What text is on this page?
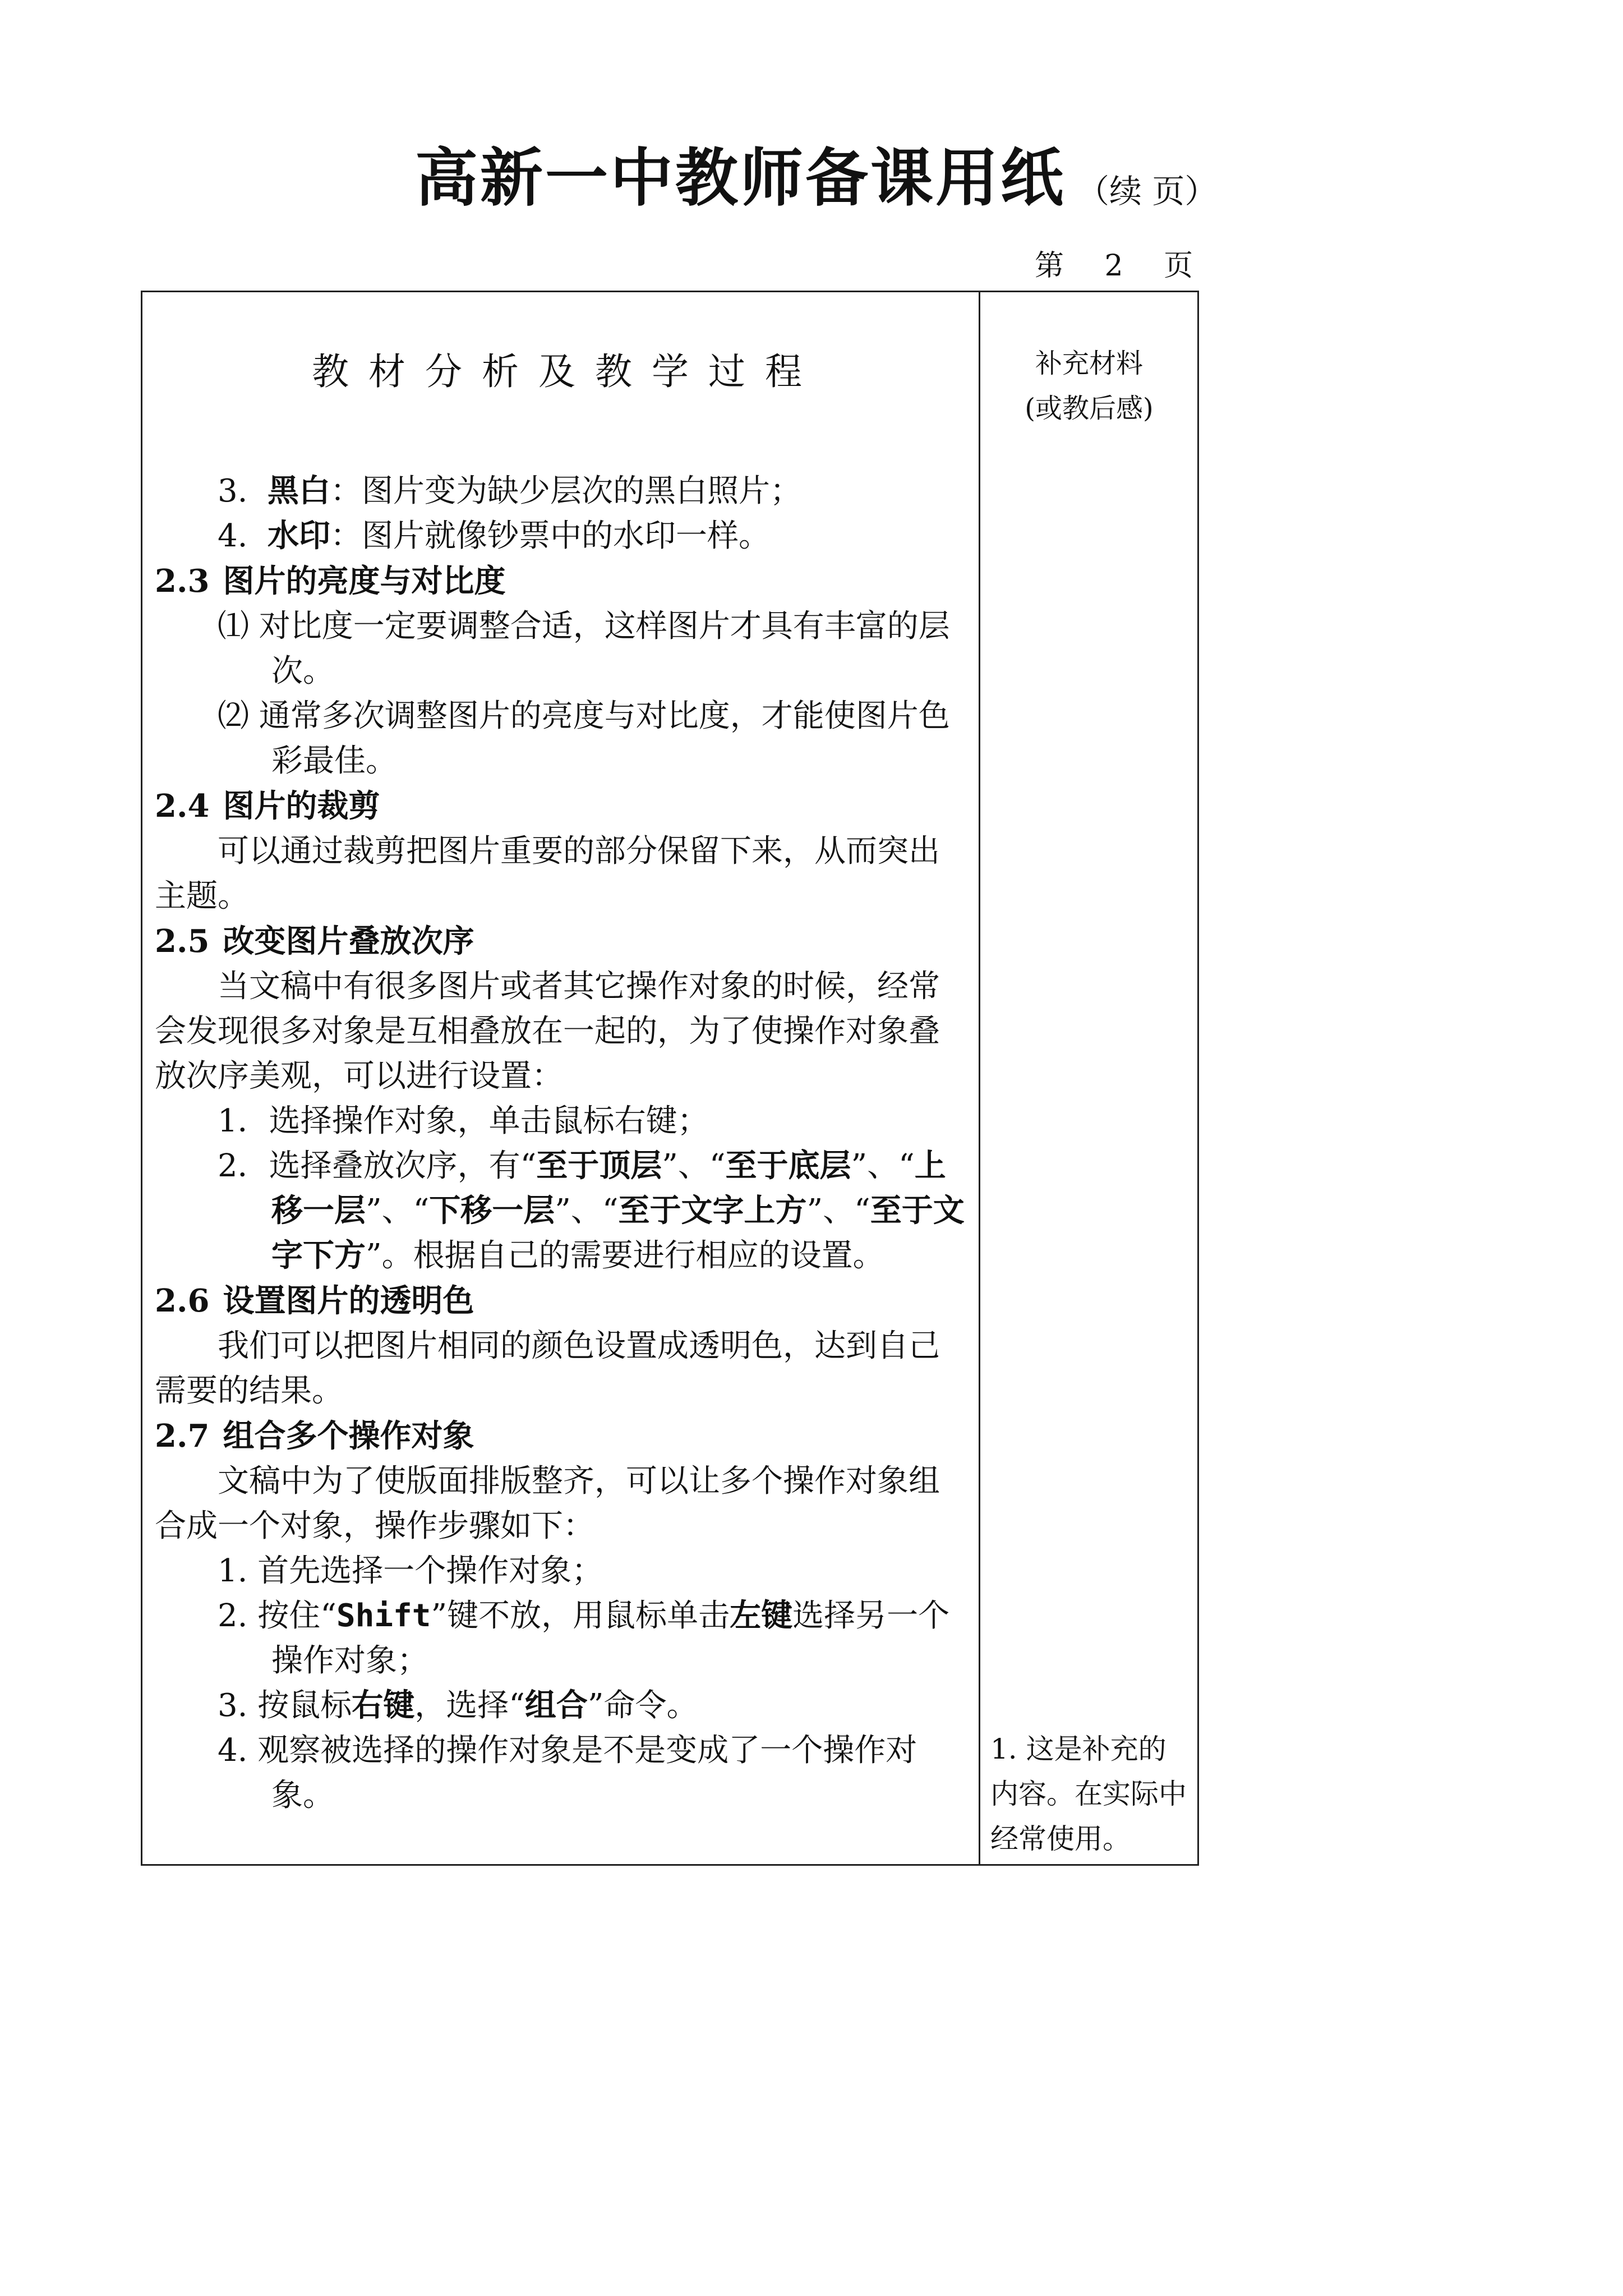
高新一中教师备课用纸 （续 页）
第 2 页
教材分析及教学过程

3. 黑白：图片变为缺少层次的黑白照片；

4. 水印：图片就像钞票中的水印一样。

2.3 图片的亮度与对比度

⑴ 对比度一定要调整合适，这样图片才具有丰富的层次。

⑵ 通常多次调整图片的亮度与对比度，才能使图片色彩最佳。

2.4 图片的裁剪

可以通过裁剪把图片重要的部分保留下来，从而突出主题。

2.5 改变图片叠放次序

当文稿中有很多图片或者其它操作对象的时候，经常会发现很多对象是互相叠放在一起的，为了使操作对象叠放次序美观，可以进行设置：

1．选择操作对象，单击鼠标右键；

2．选择叠放次序，有“至于顶层”、“至于底层”、“上移一层”、“下移一层”、“至于文字上方”、“至于文字下方”。根据自己的需要进行相应的设置。

2.6 设置图片的透明色

我们可以把图片相同的颜色设置成透明色，达到自己需要的结果。

2.7 组合多个操作对象

文稿中为了使版面排版整齐，可以让多个操作对象组合成一个对象，操作步骤如下：

1. 首先选择一个操作对象；

2. 按住“Shift”键不放，用鼠标单击左键选择另一个操作对象；

3. 按鼠标右键，选择“组合”命令。

4. 观察被选择的操作对象是不是变成了一个操作对象。

补充材料
(或教后感)
1. 这是补充的内容。在实际中经常使用。
